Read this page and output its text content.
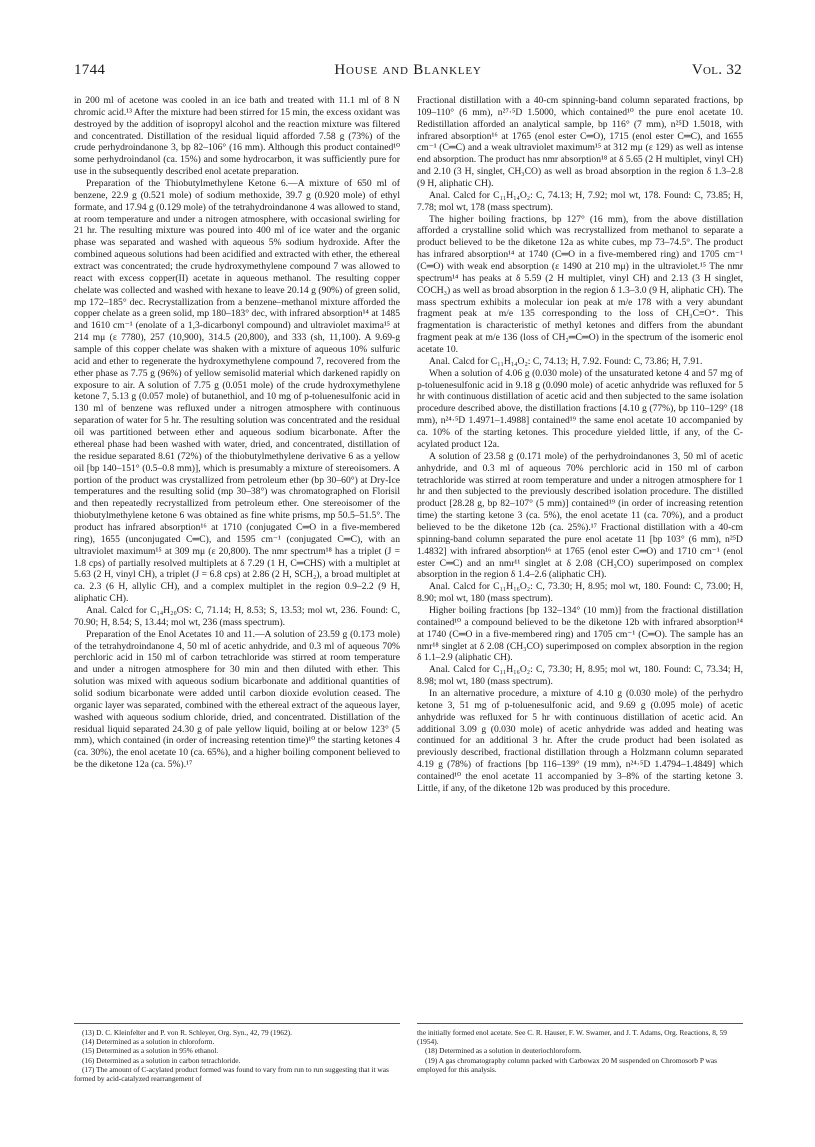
1744	House and Blankley	Vol. 32

in 200 ml of acetone was cooled in an ice bath and treated with 11.1 ml of 8 N chromic acid.¹³ After the mixture had been stirred for 15 min, the excess oxidant was destroyed by the addition of isopropyl alcohol and the reaction mixture was filtered and concentrated. Distillation of the residual liquid afforded 7.58 g (73%) of the crude perhydroindanone 3, bp 82–106° (16 mm). Although this product contained¹⁰ some perhydroindanol (ca. 15%) and some hydrocarbon, it was sufficiently pure for use in the subsequently described enol acetate preparation.

Preparation of the Thiobutylmethylene Ketone 6.—A mixture of 650 ml of benzene, 22.9 g (0.521 mole) of sodium methoxide, 39.7 g (0.920 mole) of ethyl formate, and 17.94 g (0.129 mole) of the tetrahydroindanone 4 was allowed to stand, at room temperature and under a nitrogen atmosphere, with occasional swirling for 21 hr. The resulting mixture was poured into 400 ml of ice water and the organic phase was separated and washed with aqueous 5% sodium hydroxide. After the combined aqueous solutions had been acidified and extracted with ether, the ethereal extract was concentrated; the crude hydroxymethylene compound 7 was allowed to react with excess copper(II) acetate in aqueous methanol. The resulting copper chelate was collected and washed with hexane to leave 20.14 g (90%) of green solid, mp 172–185° dec. Recrystallization from a benzene–methanol mixture afforded the copper chelate as a green solid, mp 180–183° dec, with infrared absorption¹⁴ at 1485 and 1610 cm⁻¹ (enolate of a 1,3-dicarbonyl compound) and ultraviolet maxima¹⁵ at 214 mμ (ε 7780), 257 (10,900), 314.5 (20,800), and 333 (sh, 11,100). A 9.69-g sample of this copper chelate was shaken with a mixture of aqueous 10% sulfuric acid and ether to regenerate the hydroxymethylene compound 7, recovered from the ether phase as 7.75 g (96%) of yellow semisolid material which darkened rapidly on exposure to air. A solution of 7.75 g (0.051 mole) of the crude hydroxymethylene ketone 7, 5.13 g (0.057 mole) of butanethiol, and 10 mg of p-toluenesulfonic acid in 130 ml of benzene was refluxed under a nitrogen atmosphere with continuous separation of water for 5 hr. The resulting solution was concentrated and the residual oil was partitioned between ether and aqueous sodium bicarbonate. After the ethereal phase had been washed with water, dried, and concentrated, distillation of the residue separated 8.61 (72%) of the thiobutylmethylene derivative 6 as a yellow oil [bp 140–151° (0.5–0.8 mm)], which is presumably a mixture of stereoisomers. A portion of the product was crystallized from petroleum ether (bp 30–60°) at Dry-Ice temperatures and the resulting solid (mp 30–38°) was chromatographed on Florisil and then repeatedly recrystallized from petroleum ether. One stereoisomer of the thiobutylmethylene ketone 6 was obtained as fine white prisms, mp 50.5–51.5°. The product has infrared absorption¹⁶ at 1710 (conjugated C═O in a five-membered ring), 1655 (unconjugated C═C), and 1595 cm⁻¹ (conjugated C═C), with an ultraviolet maximum¹⁵ at 309 mμ (ε 20,800). The nmr spectrum¹⁸ has a triplet (J = 1.8 cps) of partially resolved multiplets at δ 7.29 (1 H, C═CHS) with a multiplet at 5.63 (2 H, vinyl CH), a triplet (J = 6.8 cps) at 2.86 (2 H, SCH₂), a broad multiplet at ca. 2.3 (6 H, allylic CH), and a complex multiplet in the region 0.9–2.2 (9 H, aliphatic CH).

Anal. Calcd for C₁₄H₂₀OS: C, 71.14; H, 8.53; S, 13.53; mol wt, 236. Found: C, 70.90; H, 8.54; S, 13.44; mol wt, 236 (mass spectrum).

Preparation of the Enol Acetates 10 and 11.—A solution of 23.59 g (0.173 mole) of the tetrahydroindanone 4, 50 ml of acetic anhydride, and 0.3 ml of aqueous 70% perchloric acid in 150 ml of carbon tetrachloride was stirred at room temperature and under a nitrogen atmosphere for 30 min and then diluted with ether. This solution was mixed with aqueous sodium bicarbonate and additional quantities of solid sodium bicarbonate were added until carbon dioxide evolution ceased. The organic layer was separated, combined with the ethereal extract of the aqueous layer, washed with aqueous sodium chloride, dried, and concentrated. Distillation of the residual liquid separated 24.30 g of pale yellow liquid, boiling at or below 123° (5 mm), which contained (in order of increasing retention time)¹⁰ the starting ketones 4 (ca. 30%), the enol acetate 10 (ca. 65%), and a higher boiling component believed to be the diketone 12a (ca. 5%).¹⁷

Fractional distillation with a 40-cm spinning-band column separated fractions, bp 109–110° (6 mm), n²⁷·⁵D 1.5000, which contained¹⁰ the pure enol acetate 10. Redistillation afforded an analytical sample, bp 116° (7 mm), n²⁵D 1.5018, with infrared absorption¹⁶ at 1765 (enol ester C═O), 1715 (enol ester C═C), and 1655 cm⁻¹ (C═C) and a weak ultraviolet maximum¹⁵ at 312 mμ (ε 129) as well as intense end absorption. The product has nmr absorption¹⁸ at δ 5.65 (2 H multiplet, vinyl CH) and 2.10 (3 H, singlet, CH₃CO) as well as broad absorption in the region δ 1.3–2.8 (9 H, aliphatic CH).

Anal. Calcd for C₁₁H₁₄O₂: C, 74.13; H, 7.92; mol wt, 178. Found: C, 73.85; H, 7.78; mol wt, 178 (mass spectrum).

The higher boiling fractions, bp 127° (16 mm), from the above distillation afforded a crystalline solid which was recrystallized from methanol to separate a product believed to be the diketone 12a as white cubes, mp 73–74.5°. The product has infrared absorption¹⁴ at 1740 (C═O in a five-membered ring) and 1705 cm⁻¹ (C═O) with weak end absorption (ε 1490 at 210 mμ) in the ultraviolet.¹⁵ The nmr spectrum¹⁴ has peaks at δ 5.59 (2 H multiplet, vinyl CH) and 2.13 (3 H singlet, COCH₃) as well as broad absorption in the region δ 1.3–3.0 (9 H, aliphatic CH). The mass spectrum exhibits a molecular ion peak at m/e 178 with a very abundant fragment peak at m/e 135 corresponding to the loss of CH₃C≡O⁺. This fragmentation is characteristic of methyl ketones and differs from the abundant fragment peak at m/e 136 (loss of CH₂═C═O) in the spectrum of the isomeric enol acetate 10.

Anal. Calcd for C₁₁H₁₄O₂: C, 74.13; H, 7.92. Found: C, 73.86; H, 7.91.

When a solution of 4.06 g (0.030 mole) of the unsaturated ketone 4 and 57 mg of p-toluenesulfonic acid in 9.18 g (0.090 mole) of acetic anhydride was refluxed for 5 hr with continuous distillation of acetic acid and then subjected to the same isolation procedure described above, the distillation fractions [4.10 g (77%), bp 110–129° (18 mm), n²⁴·⁵D 1.4971–1.4988] contained¹⁹ the same enol acetate 10 accompanied by ca. 10% of the starting ketones. This procedure yielded little, if any, of the C-acylated product 12a.

A solution of 23.58 g (0.171 mole) of the perhydroindanones 3, 50 ml of acetic anhydride, and 0.3 ml of aqueous 70% perchloric acid in 150 ml of carbon tetrachloride was stirred at room temperature and under a nitrogen atmosphere for 1 hr and then subjected to the previously described isolation procedure. The distilled product [28.28 g, bp 82–107° (5 mm)] contained¹⁹ (in order of increasing retention time) the starting ketone 3 (ca. 5%), the enol acetate 11 (ca. 70%), and a product believed to be the diketone 12b (ca. 25%).¹⁷ Fractional distillation with a 40-cm spinning-band column separated the pure enol acetate 11 [bp 103° (6 mm), n²⁵D 1.4832] with infrared absorption¹⁶ at 1765 (enol ester C═O) and 1710 cm⁻¹ (enol ester C═C) and an nmr¹¹ singlet at δ 2.08 (CH₃CO) superimposed on complex absorption in the region δ 1.4–2.6 (aliphatic CH).

Anal. Calcd for C₁₁H₁₆O₂: C, 73.30; H, 8.95; mol wt, 180. Found: C, 73.00; H, 8.90; mol wt, 180 (mass spectrum).

Higher boiling fractions [bp 132–134° (10 mm)] from the fractional distillation contained¹⁰ a compound believed to be the diketone 12b with infrared absorption¹⁴ at 1740 (C═O in a five-membered ring) and 1705 cm⁻¹ (C═O). The sample has an nmr¹⁸ singlet at δ 2.08 (CH₃CO) superimposed on complex absorption in the region δ 1.1–2.9 (aliphatic CH).

Anal. Calcd for C₁₁H₁₆O₂: C, 73.30; H, 8.95; mol wt, 180. Found: C, 73.34; H, 8.98; mol wt, 180 (mass spectrum).

In an alternative procedure, a mixture of 4.10 g (0.030 mole) of the perhydro ketone 3, 51 mg of p-toluenesulfonic acid, and 9.69 g (0.095 mole) of acetic anhydride was refluxed for 5 hr with continuous distillation of acetic acid. An additional 3.09 g (0.030 mole) of acetic anhydride was added and heating was continued for an additional 3 hr. After the crude product had been isolated as previously described, fractional distillation through a Holzmann column separated 4.19 g (78%) of fractions [bp 116–139° (19 mm), n²⁴·⁵D 1.4794–1.4849] which contained¹⁰ the enol acetate 11 accompanied by 3–8% of the starting ketone 3. Little, if any, of the diketone 12b was produced by this procedure.

(13) D. C. Kleinfelter and P. von R. Schleyer, Org. Syn., 42, 79 (1962).

(14) Determined as a solution in chloroform.

(15) Determined as a solution in 95% ethanol.

(16) Determined as a solution in carbon tetrachloride.

(17) The amount of C-acylated product formed was found to vary from run to run suggesting that it was formed by acid-catalyzed rearrangement of

the initially formed enol acetate. See C. R. Hauser, F. W. Swamer, and J. T. Adams, Org. Reactions, 8, 59 (1954).

(18) Determined as a solution in deuteriochloroform.

(19) A gas chromatography column packed with Carbowax 20 M suspended on Chromosorb P was employed for this analysis.
